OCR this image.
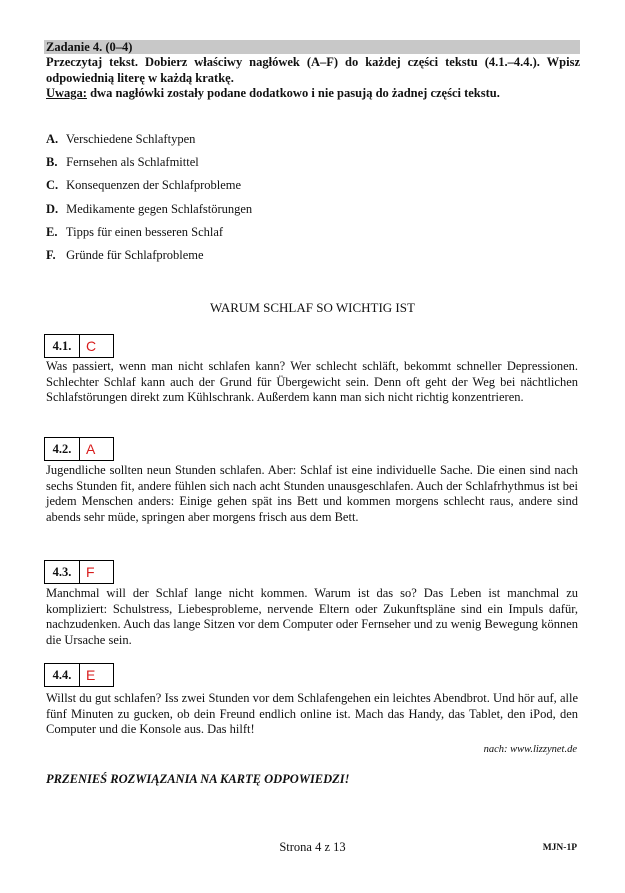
Zadanie 4. (0–4)
Przeczytaj tekst. Dobierz właściwy nagłówek (A–F) do każdej części tekstu (4.1.–4.4.). Wpisz odpowiednią literę w każdą kratkę.
Uwaga: dwa nagłówki zostały podane dodatkowo i nie pasują do żadnej części tekstu.
A. Verschiedene Schlaftypen
B. Fernsehen als Schlafmittel
C. Konsequenzen der Schlafprobleme
D. Medikamente gegen Schlafstörungen
E. Tipps für einen besseren Schlaf
F. Gründe für Schlafprobleme
WARUM SCHLAF SO WICHTIG IST
4.1.	C

Was passiert, wenn man nicht schlafen kann? Wer schlecht schläft, bekommt schneller Depressionen. Schlechter Schlaf kann auch der Grund für Übergewicht sein. Denn oft geht der Weg bei nächtlichen Schlafstörungen direkt zum Kühlschrank. Außerdem kann man sich nicht richtig konzentrieren.

4.2.	A

Jugendliche sollten neun Stunden schlafen. Aber: Schlaf ist eine individuelle Sache. Die einen sind nach sechs Stunden fit, andere fühlen sich nach acht Stunden unausgeschlafen. Auch der Schlafrhythmus ist bei jedem Menschen anders: Einige gehen spät ins Bett und kommen morgens schlecht raus, andere sind abends sehr müde, springen aber morgens frisch aus dem Bett.

4.3.	F

Manchmal will der Schlaf lange nicht kommen. Warum ist das so? Das Leben ist manchmal zu kompliziert: Schulstress, Liebesprobleme, nervende Eltern oder Zukunftspläne sind ein Impuls dafür, nachzudenken. Auch das lange Sitzen vor dem Computer oder Fernseher und zu wenig Bewegung können die Ursache sein.

4.4.	E

Willst du gut schlafen? Iss zwei Stunden vor dem Schlafengehen ein leichtes Abendbrot. Und hör auf, alle fünf Minuten zu gucken, ob dein Freund endlich online ist. Mach das Handy, das Tablet, den iPod, den Computer und die Konsole aus. Das hilft!

nach: www.lizzynet.de
PRZENIEŚ ROZWIĄZANIA NA KARTĘ ODPOWIEDZI!
Strona 4 z 13	MJN-1P
